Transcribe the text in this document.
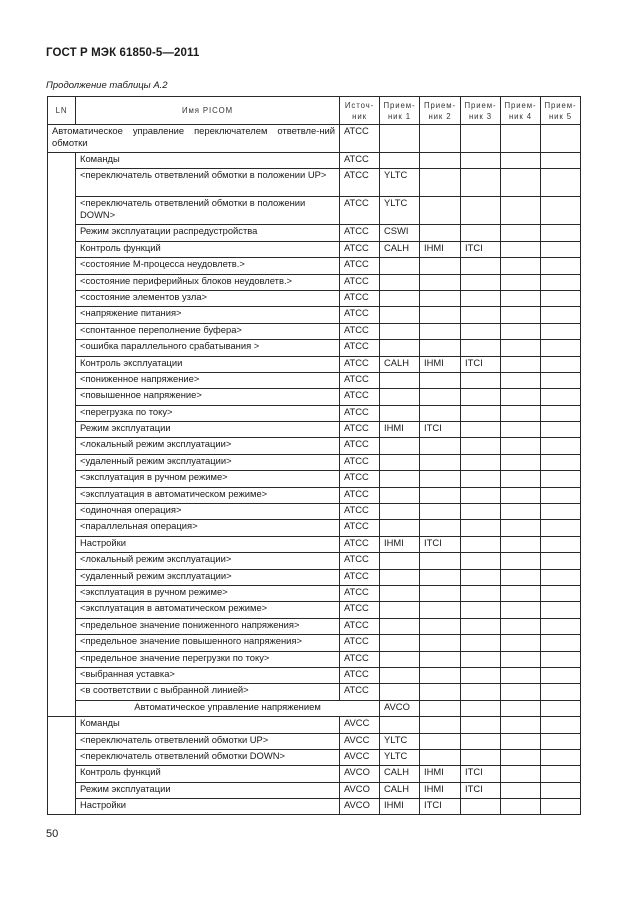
ГОСТ Р МЭК 61850-5—2011
Продолжение таблицы А.2
LN	Имя PICOM	Источ-ник	Прием-ник 1	Прием-ник 2	Прием-ник 3	Прием-ник 4	Прием-ник 5	
Автоматическое управление переключателем ответвле-ний обмотки		ATCC						
	Команды	ATCC						
	<переключатель ответвлений обмотки в положении UP>	ATCC	YLTC					
	<переключатель ответвлений обмотки в положении DOWN>	ATCC	YLTC					
	Режим эксплуатации распредустройства	ATCC	CSWI					
	Контроль функций	ATCC	CALH	IHMI	ITCI			
	<состояние М-процесса неудовлетв.>	ATCC						
	<состояние периферийных блоков неудовлетв.>	ATCC						
	<состояние элементов узла>	ATCC						
	<напряжение питания>	ATCC						
	<спонтанное переполнение буфера>	ATCC						
	<ошибка параллельного срабатывания >	ATCC						
	Контроль эксплуатации	ATCC	CALH	IHMI	ITCI			
	<пониженное напряжение>	ATCC						
	<повышенное напряжение>	ATCC						
	<перегрузка по току>	ATCC						
	Режим эксплуатации	ATCC	IHMI	ITCI				
	<локальный режим эксплуатации>	ATCC						
	<удаленный режим эксплуатации>	ATCC						
	<эксплуатация в ручном режиме>	ATCC						
	<эксплуатация в автоматическом режиме>	ATCC						
	<одиночная операция>	ATCC						
	<параллельная операция>	ATCC						
	Настройки	ATCC	IHMI	ITCI				
	<локальный режим эксплуатации>	ATCC						
	<удаленный режим эксплуатации>	ATCC						
	<эксплуатация в ручном режиме>	ATCC						
	<эксплуатация в автоматическом режиме>	ATCC						
	<предельное значение пониженного напряжения>	ATCC						
	<предельное значение повышенного напряжения>	ATCC						
	<предельное значение перегрузки по току>	ATCC						
	<выбранная уставка>	ATCC						
	<в соответствии с выбранной линией>	ATCC						
	Автоматическое управление напряжением		AVCO					
	Команды	AVCC						
	<переключатель ответвлений обмотки UP>	AVCC	YLTC					
	<переключатель ответвлений обмотки DOWN>	AVCC	YLTC					
	Контроль функций	AVCO	CALH	IHMI	ITCI			
	Режим эксплуатации	AVCO	CALH	IHMI	ITCI			
	Настройки	AVCO	IHMI	ITCI				
50
